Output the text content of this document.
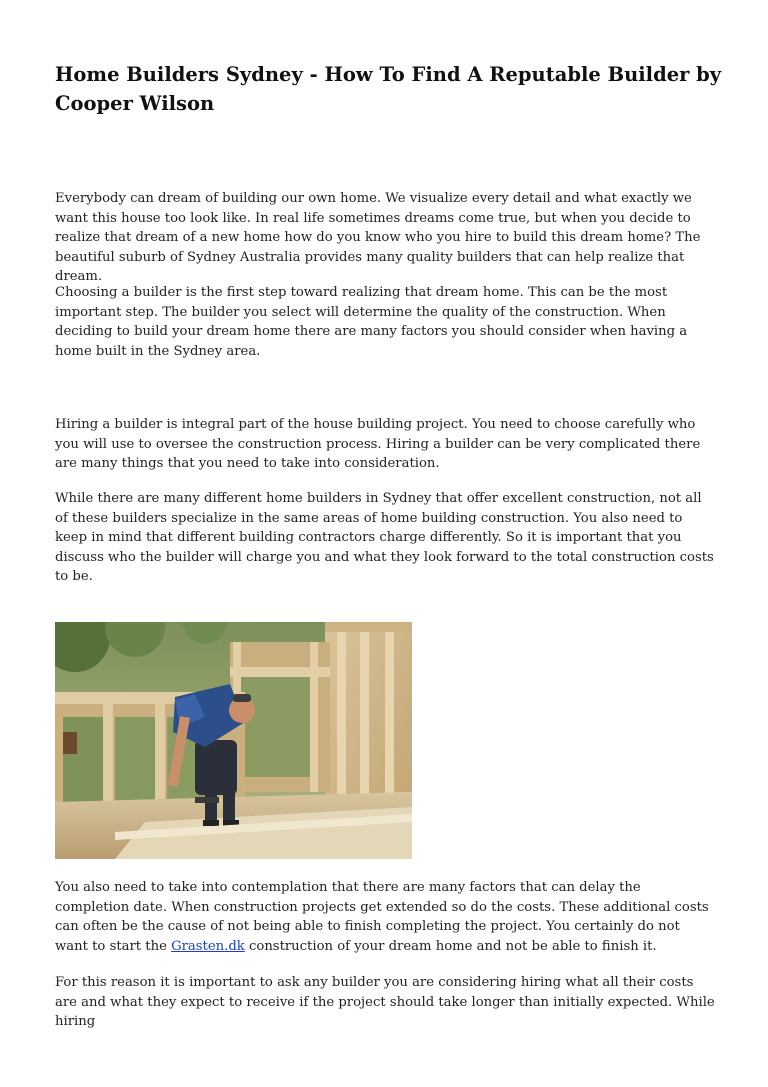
Home Builders Sydney - How To Find A Reputable Builder by Cooper Wilson

Everybody can dream of building our own home. We visualize every detail and what exactly we want this house too look like. In real life sometimes dreams come true, but when you decide to realize that dream of a new home how do you know who you hire to build this dream home? The beautiful suburb of Sydney Australia provides many quality builders that can help realize that dream.

Choosing a builder is the first step toward realizing that dream home. This can be the most important step. The builder you select will determine the quality of the construction. When deciding to build your dream home there are many factors you should consider when having a home built in the Sydney area.

Hiring a builder is integral part of the house building project. You need to choose carefully who you will use to oversee the construction process. Hiring a builder can be very complicated there are many things that you need to take into consideration.

While there are many different home builders in Sydney that offer excellent construction, not all of these builders specialize in the same areas of home building construction. You also need to keep in mind that different building contractors charge differently. So it is important that you discuss who the builder will charge you and what they look forward to the total construction costs to be.

You also need to take into contemplation that there are many factors that can delay the completion date. When construction projects get extended so do the costs. These additional costs can often be the cause of not being able to finish completing the project. You certainly do not want to start the Grasten.dk construction of your dream home and not be able to finish it.

For this reason it is important to ask any builder you are considering hiring what all their costs are and what they expect to receive if the project should take longer than initially expected. While hiring
